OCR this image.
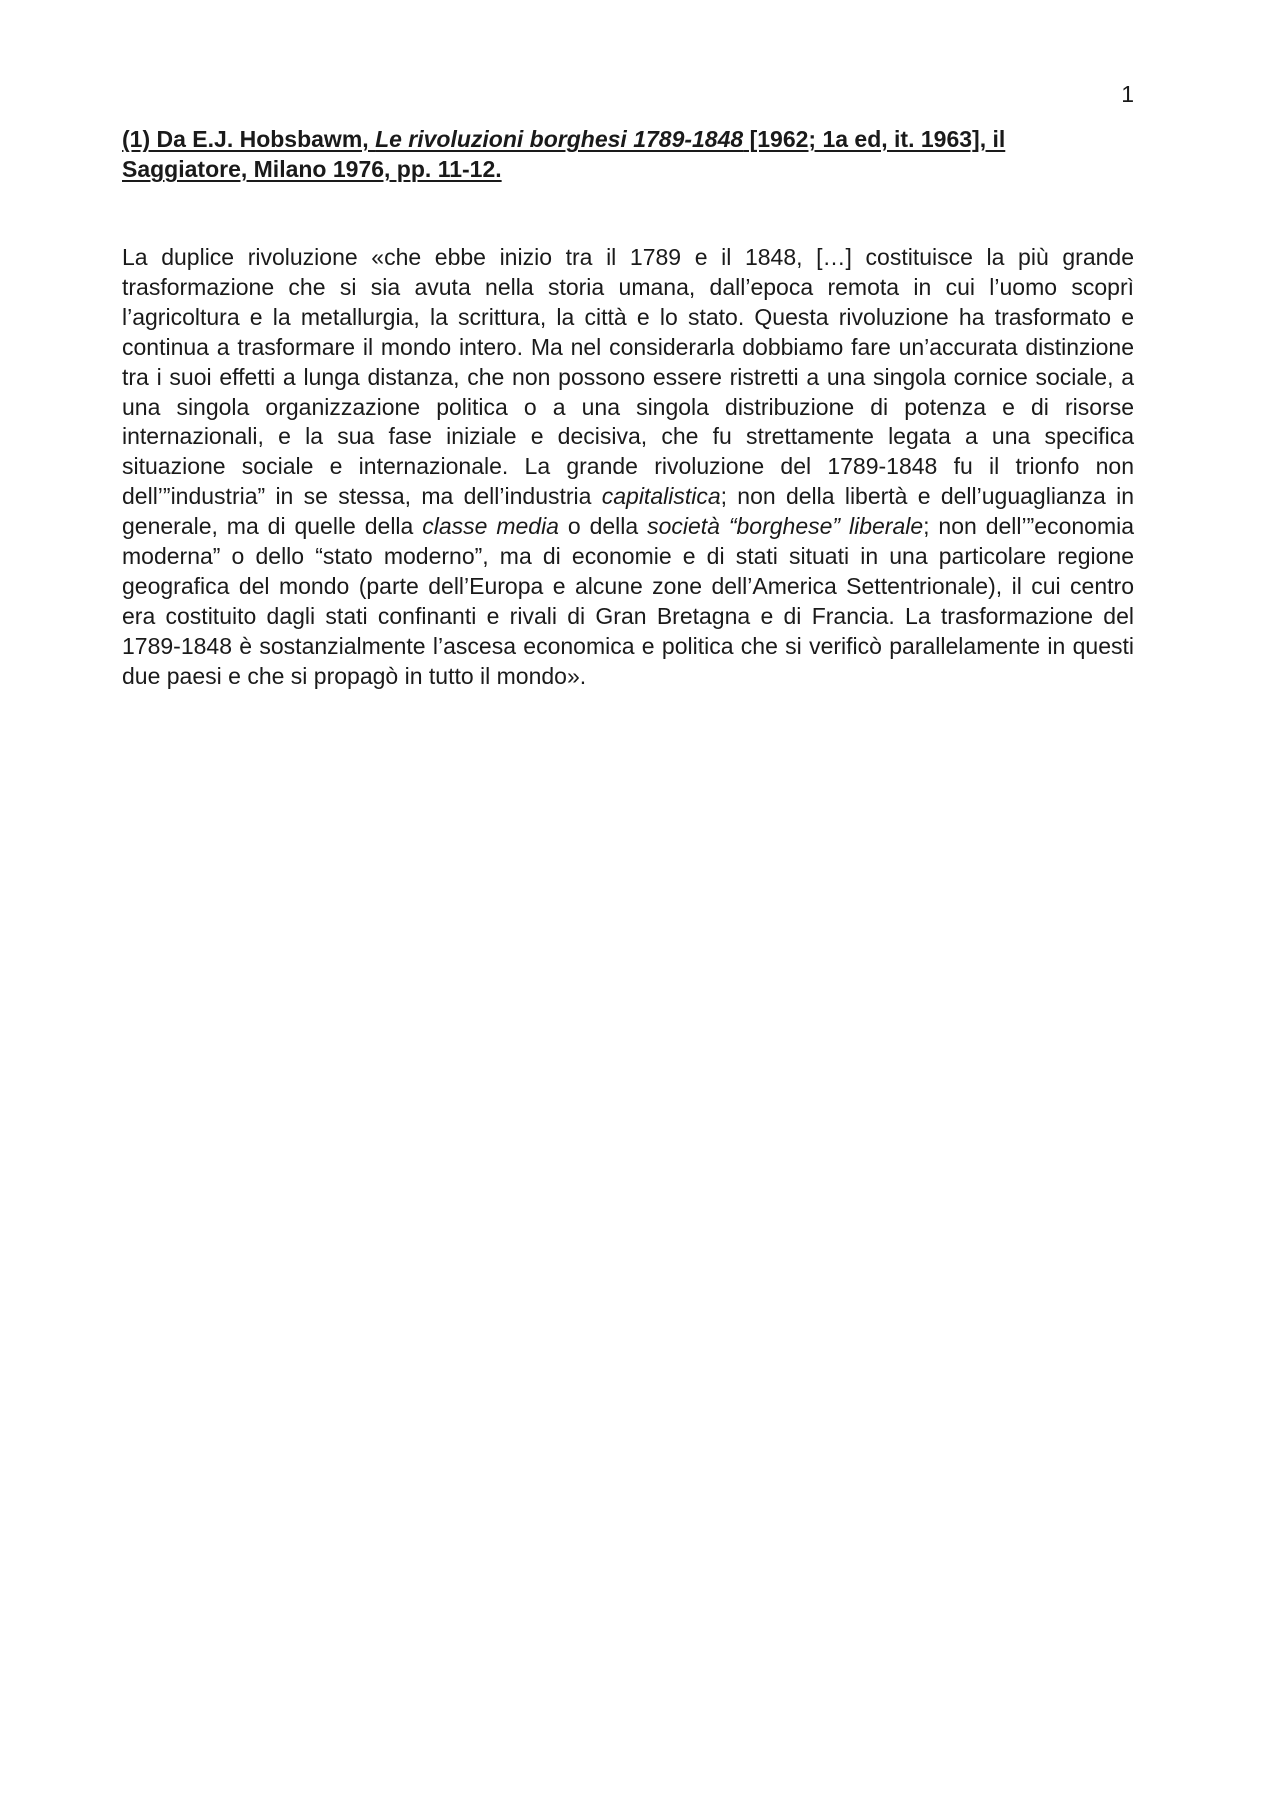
1

(1) Da E.J. Hobsbawm, Le rivoluzioni borghesi 1789-1848 [1962; 1a ed, it. 1963], il Saggiatore, Milano 1976, pp. 11-12.

La duplice rivoluzione «che ebbe inizio tra il 1789 e il 1848, […] costituisce la più grande trasformazione che si sia avuta nella storia umana, dall’epoca remota in cui l’uomo scoprì l’agricoltura e la metallurgia, la scrittura, la città e lo stato. Questa rivoluzione ha trasformato e continua a trasformare il mondo intero. Ma nel considerarla dobbiamo fare un’accurata distinzione tra i suoi effetti a lunga distanza, che non possono essere ristretti a una singola cornice sociale, a una singola organizzazione politica o a una singola distribuzione di potenza e di risorse internazionali, e la sua fase iniziale e decisiva, che fu strettamente legata a una specifica situazione sociale e internazionale. La grande rivoluzione del 1789-1848 fu il trionfo non dell’”industria” in se stessa, ma dell’industria capitalistica; non della libertà e dell’uguaglianza in generale, ma di quelle della classe media o della società “borghese” liberale; non dell’”economia moderna” o dello “stato moderno”, ma di economie e di stati situati in una particolare regione geografica del mondo (parte dell’Europa e alcune zone dell’America Settentrionale), il cui centro era costituito dagli stati confinanti e rivali di Gran Bretagna e di Francia. La trasformazione del 1789-1848 è sostanzialmente l’ascesa economica e politica che si verificò parallelamente in questi due paesi e che si propagò in tutto il mondo».
